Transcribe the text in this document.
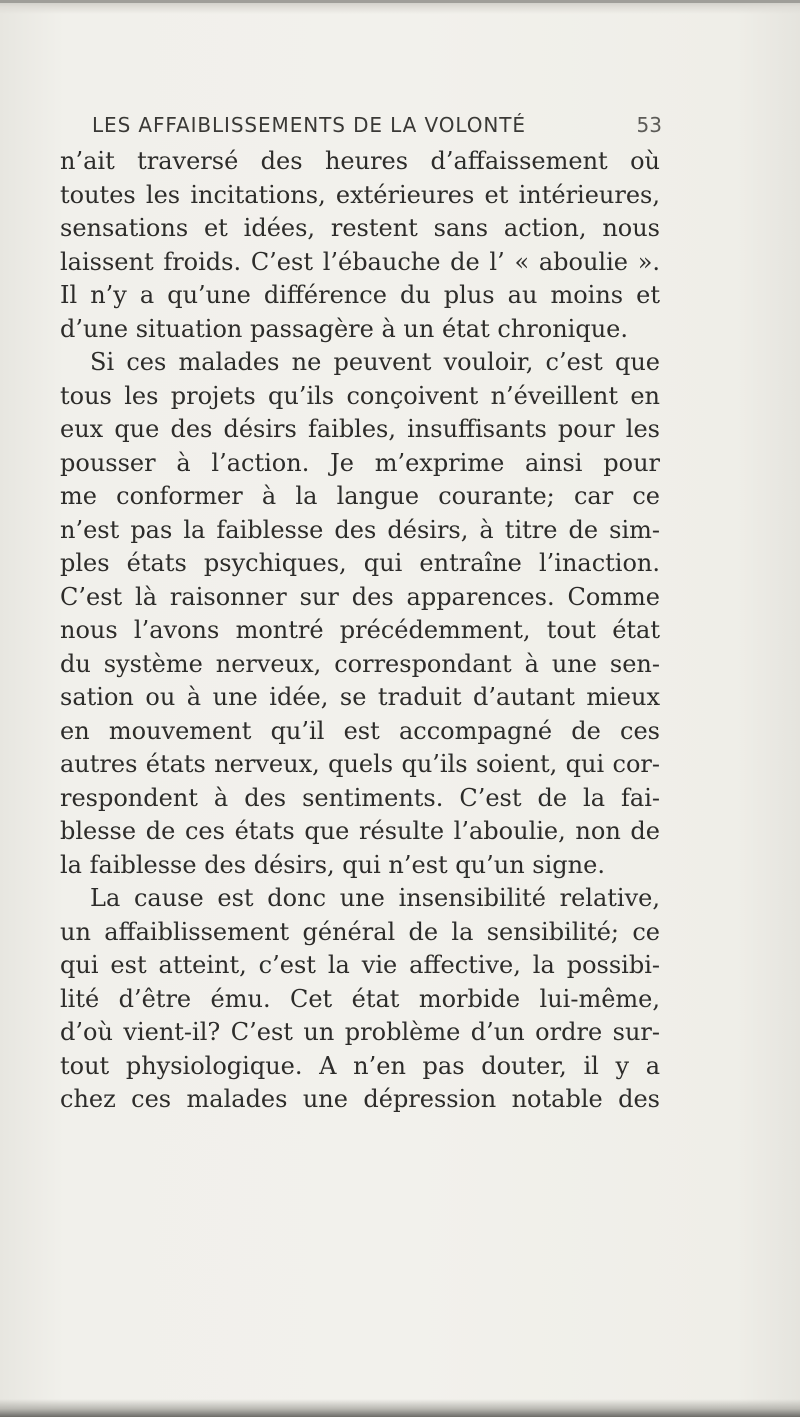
LES AFFAIBLISSEMENTS DE LA VOLONTÉ	53
n’ait traversé des heures d’affaissement où
toutes les incitations, extérieures et intérieures,
sensations et idées, restent sans action, nous
laissent froids. C’est l’ébauche de l’ « aboulie ».
Il n’y a qu’une différence du plus au moins et
d’une situation passagère à un état chronique.
Si ces malades ne peuvent vouloir, c’est que
tous les projets qu’ils conçoivent n’éveillent en
eux que des désirs faibles, insuffisants pour les
pousser à l’action. Je m’exprime ainsi pour
me conformer à la langue courante; car ce
n’est pas la faiblesse des désirs, à titre de sim-
ples états psychiques, qui entraîne l’inaction.
C’est là raisonner sur des apparences. Comme
nous l’avons montré précédemment, tout état
du système nerveux, correspondant à une sen-
sation ou à une idée, se traduit d’autant mieux
en mouvement qu’il est accompagné de ces
autres états nerveux, quels qu’ils soient, qui cor-
respondent à des sentiments. C’est de la fai-
blesse de ces états que résulte l’aboulie, non de
la faiblesse des désirs, qui n’est qu’un signe.
La cause est donc une insensibilité relative,
un affaiblissement général de la sensibilité; ce
qui est atteint, c’est la vie affective, la possibi-
lité d’être ému. Cet état morbide lui-même,
d’où vient-il? C’est un problème d’un ordre sur-
tout physiologique. A n’en pas douter, il y a
chez ces malades une dépression notable des
